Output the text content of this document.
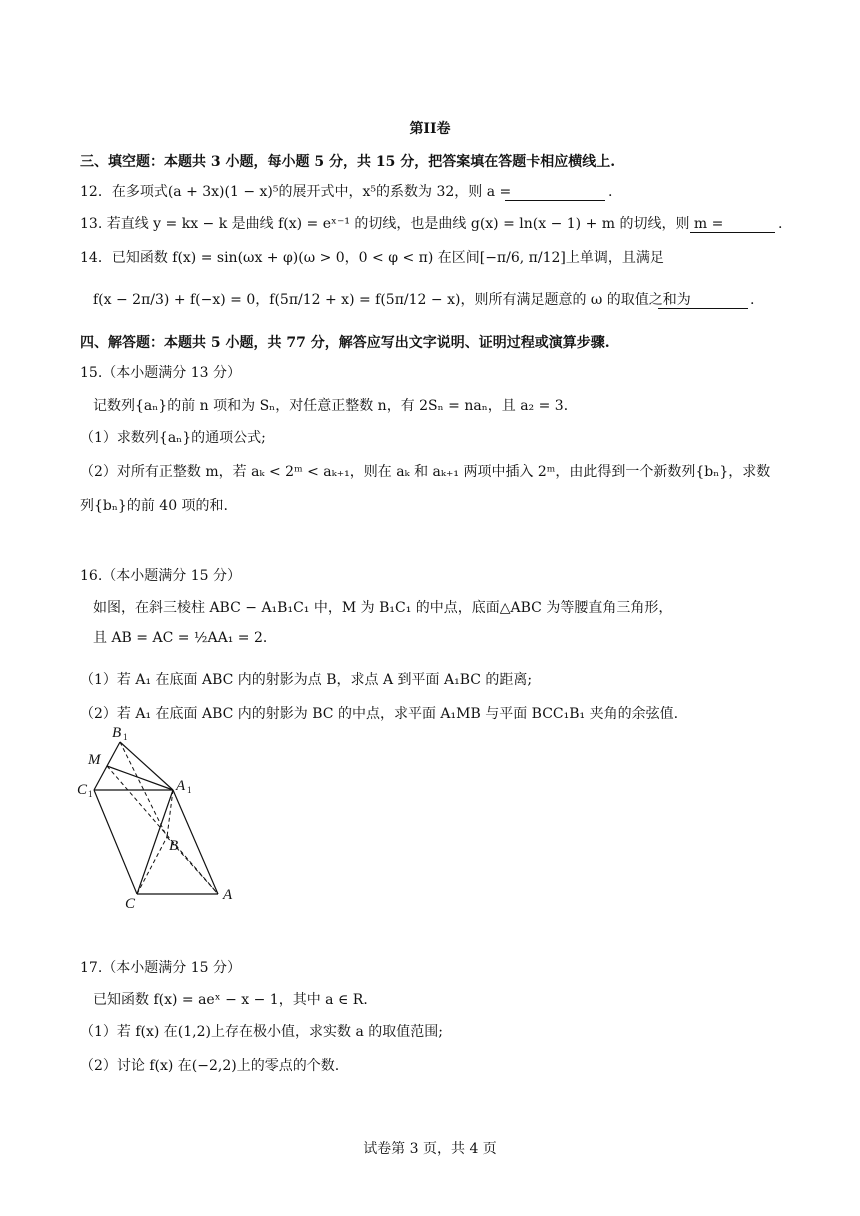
第II卷
三、填空题：本题共 3 小题，每小题 5 分，共 15 分，把答案填在答题卡相应横线上.
12．在多项式(a + 3x)(1 − x)⁵的展开式中，x⁵的系数为 32，则 a =	.
13. 若直线 y = kx − k 是曲线 f(x) = eˣ⁻¹ 的切线，也是曲线 g(x) = ln(x − 1) + m 的切线，则 m =	.
14．已知函数 f(x) = sin(ωx + φ)(ω > 0，0 < φ < π) 在区间[−π/6, π/12]上单调，且满足
f(x − 2π/3) + f(−x) = 0，f(5π/12 + x) = f(5π/12 − x)，则所有满足题意的 ω 的取值之和为	.
四、解答题：本题共 5 小题，共 77 分，解答应写出文字说明、证明过程或演算步骤.
15.（本小题满分 13 分）
记数列{aₙ}的前 n 项和为 Sₙ，对任意正整数 n，有 2Sₙ = naₙ，且 a₂ = 3．
（1）求数列{aₙ}的通项公式;
（2）对所有正整数 m，若 aₖ < 2ᵐ < aₖ₊₁，则在 aₖ 和 aₖ₊₁ 两项中插入 2ᵐ，由此得到一个新数列{bₙ}，求数
列{bₙ}的前 40 项的和.
16.（本小题满分 15 分）
如图，在斜三棱柱 ABC − A₁B₁C₁ 中，M 为 B₁C₁ 的中点，底面△ABC 为等腰直角三角形，
且 AB = AC = ½AA₁ = 2．
（1）若 A₁ 在底面 ABC 内的射影为点 B，求点 A 到平面 A₁BC 的距离;
（2）若 A₁ 在底面 ABC 内的射影为 BC 的中点，求平面 A₁MB 与平面 BCC₁B₁ 夹角的余弦值.
B 1
M
C 1	A 1
B
C
A
17.（本小题满分 15 分）
已知函数 f(x) = aeˣ − x − 1，其中 a ∈ R．
（1）若 f(x) 在(1,2)上存在极小值，求实数 a 的取值范围;
（2）讨论 f(x) 在(−2,2)上的零点的个数.
试卷第 3 页，共 4 页
